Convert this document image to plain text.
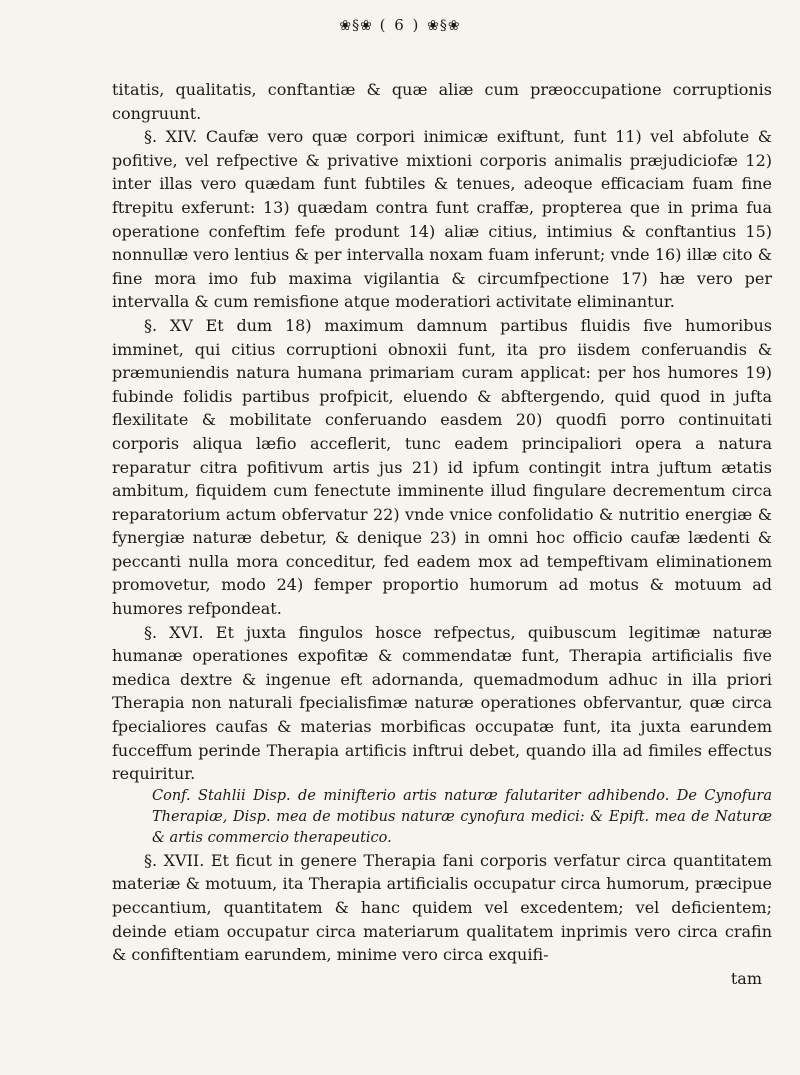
❀§❀ ( 6 ) ❀§❀

titatis, qualitatis, conftantiæ & quæ aliæ cum præoccupatione corruptionis congruunt.

§. XIV. Caufæ vero quæ corpori inimicæ exiftunt, funt 11) vel abfolute & pofitive, vel refpective & privative mixtioni corporis animalis præjudiciofæ 12) inter illas vero quædam funt fubtiles & tenues, adeoque efficaciam fuam fine ftrepitu exferunt: 13) quædam contra funt craffæ, propterea que in prima fua operatione confeftim fefe produnt 14) aliæ citius, intimius & conftantius 15) nonnullæ vero lentius & per intervalla noxam fuam inferunt; vnde 16) illæ cito & fine mora imo fub maxima vigilantia & circumfpectione 17) hæ vero per intervalla & cum remisfione atque moderatiori activitate eliminantur.

§. XV Et dum 18) maximum damnum partibus fluidis five humoribus imminet, qui citius corruptioni obnoxii funt, ita pro iisdem conferuandis & præmuniendis natura humana primariam curam applicat: per hos humores 19) fubinde folidis partibus profpicit, eluendo & abftergendo, quid quod in jufta flexilitate & mobilitate conferuando easdem 20) quodfi porro continuitati corporis aliqua læfio acceflerit, tunc eadem principaliori opera a natura reparatur citra pofitivum artis jus 21) id ipfum contingit intra juftum ætatis ambitum, fiquidem cum fenectute imminente illud fingulare decrementum circa reparatorium actum obfervatur 22) vnde vnice confolidatio & nutritio energiæ & fynergiæ naturæ debetur, & denique 23) in omni hoc officio caufæ lædenti & peccanti nulla mora conceditur, fed eadem mox ad tempeftivam eliminationem promovetur, modo 24) femper proportio humorum ad motus & motuum ad humores refpondeat.

§. XVI. Et juxta fingulos hosce refpectus, quibuscum legitimæ naturæ humanæ operationes expofitæ & commendatæ funt, Therapia artificialis five medica dextre & ingenue eft adornanda, quemadmodum adhuc in illa priori Therapia non naturali fpecialisfimæ naturæ operationes obfervantur, quæ circa fpecialiores caufas & materias morbificas occupatæ funt, ita juxta earundem fucceffum perinde Therapia artificis inftrui debet, quando illa ad fimiles effectus requiritur.

Conf. Stahlii Disp. de minifterio artis naturæ falutariter adhibendo. De Cynofura Therapiæ, Disp. mea de motibus naturæ cynofura medici: & Epift. mea de Naturæ & artis commercio therapeutico.

§. XVII. Et ficut in genere Therapia fani corporis verfatur circa quantitatem materiæ & motuum, ita Therapia artificialis occupatur circa humorum, præcipue peccantium, quantitatem & hanc quidem vel excedentem; vel deficientem; deinde etiam occupatur circa materiarum qualitatem inprimis vero circa crafin & confiftentiam earundem, minime vero circa exquifi-

tam
